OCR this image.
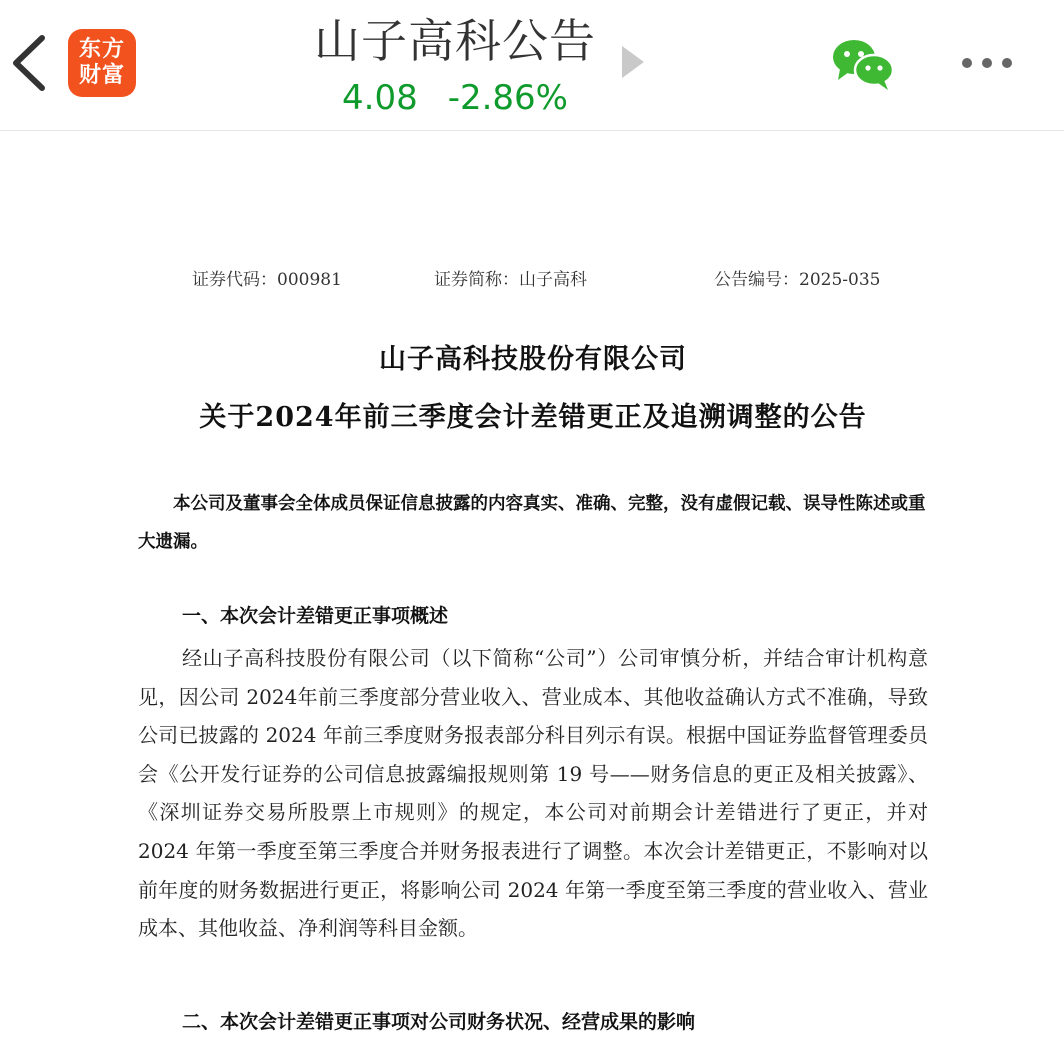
东方
财富
山子高科公告
4.08 -2.86%
证券代码：000981	证券简称：山子高科	公告编号：2025-035
山子高科技股份有限公司
关于2024年前三季度会计差错更正及追溯调整的公告
本公司及董事会全体成员保证信息披露的内容真实、准确、完整，没有虚假记载、误导性陈述或重大遗漏。
一、本次会计差错更正事项概述
经山子高科技股份有限公司（以下简称“公司”）公司审慎分析，并结合审计机构意见，因公司 2024年前三季度部分营业收入、营业成本、其他收益确认方式不准确，导致公司已披露的 2024 年前三季度财务报表部分科目列示有误。根据中国证券监督管理委员会《公开发行证券的公司信息披露编报规则第 19 号——财务信息的更正及相关披露》、《深圳证券交易所股票上市规则》的规定，本公司对前期会计差错进行了更正，并对 2024 年第一季度至第三季度合并财务报表进行了调整。本次会计差错更正，不影响对以前年度的财务数据进行更正，将影响公司 2024 年第一季度至第三季度的营业收入、营业成本、其他收益、净利润等科目金额。
二、本次会计差错更正事项对公司财务状况、经营成果的影响
